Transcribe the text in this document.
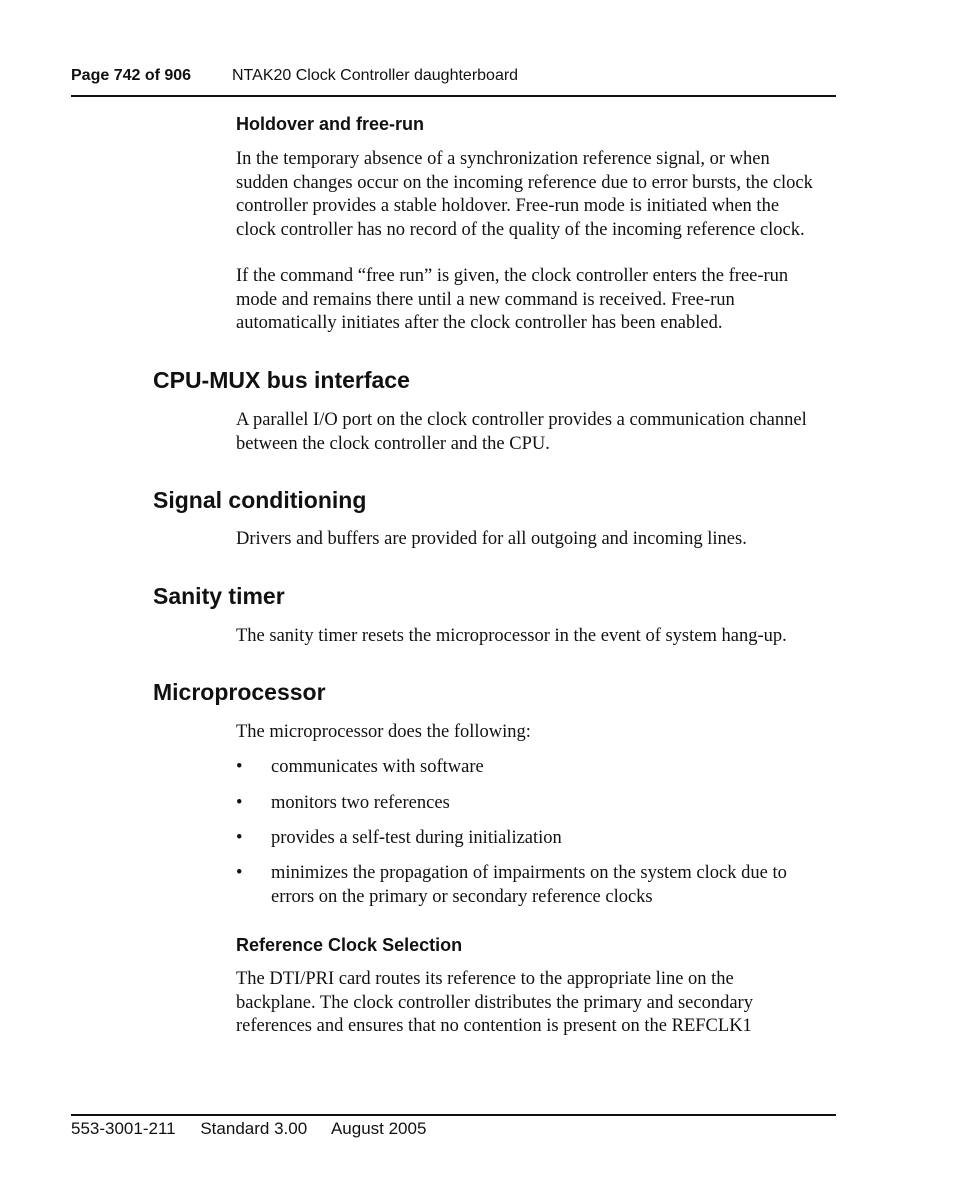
Page 742 of 906	NTAK20 Clock Controller daughterboard
Holdover and free-run
In the temporary absence of a synchronization reference signal, or when
sudden changes occur on the incoming reference due to error bursts, the clock
controller provides a stable holdover. Free-run mode is initiated when the
clock controller has no record of the quality of the incoming reference clock.
If the command “free run” is given, the clock controller enters the free-run
mode and remains there until a new command is received. Free-run
automatically initiates after the clock controller has been enabled.
CPU-MUX bus interface
A parallel I/O port on the clock controller provides a communication channel
between the clock controller and the CPU.
Signal conditioning
Drivers and buffers are provided for all outgoing and incoming lines.
Sanity timer
The sanity timer resets the microprocessor in the event of system hang-up.
Microprocessor
The microprocessor does the following:
• communicates with software
• monitors two references
• provides a self-test during initialization
• minimizes the propagation of impairments on the system clock due to
errors on the primary or secondary reference clocks
Reference Clock Selection
The DTI/PRI card routes its reference to the appropriate line on the
backplane. The clock controller distributes the primary and secondary
references and ensures that no contention is present on the REFCLK1
553-3001-211 Standard 3.00 August 2005
